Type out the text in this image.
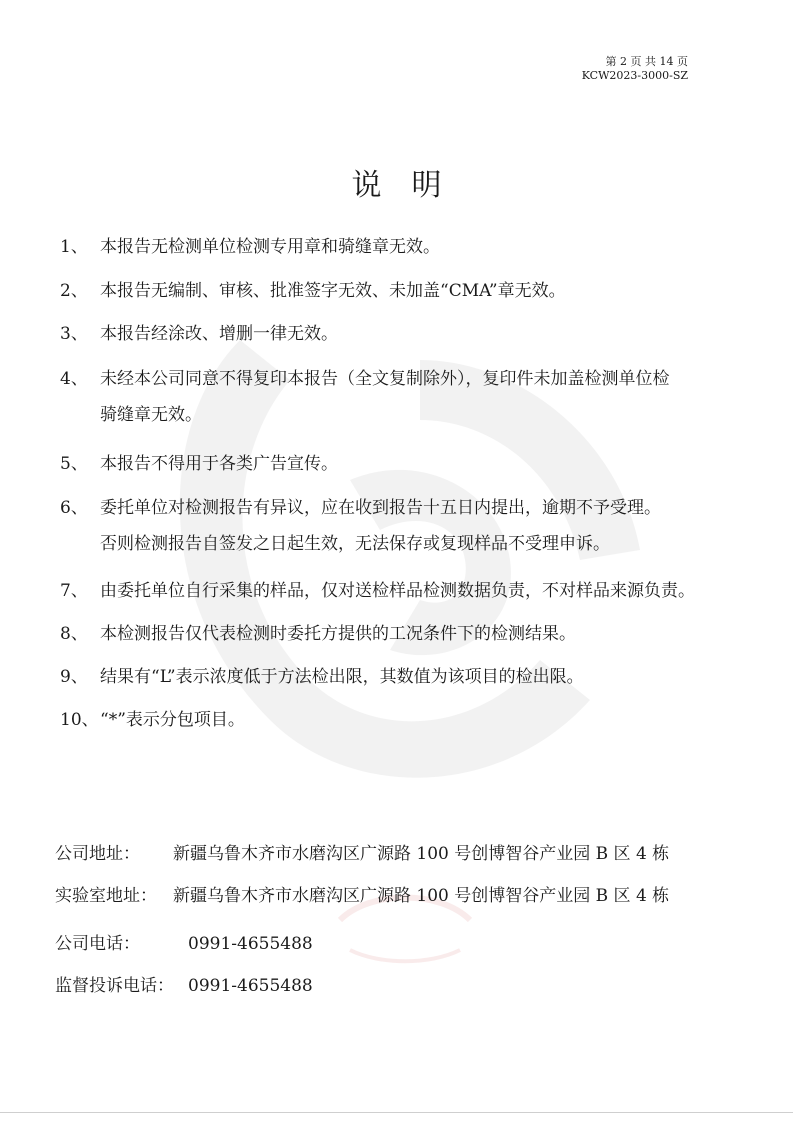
第 2 页 共 14 页
KCW2023-3000-SZ
说明
1、 本报告无检测单位检测专用章和骑缝章无效。
2、 本报告无编制、审核、批准签字无效、未加盖“CMA”章无效。
3、 本报告经涂改、增删一律无效。
4、 未经本公司同意不得复印本报告（全文复制除外），复印件未加盖检测单位检
骑缝章无效。
5、 本报告不得用于各类广告宣传。
6、 委托单位对检测报告有异议，应在收到报告十五日内提出，逾期不予受理。
否则检测报告自签发之日起生效，无法保存或复现样品不受理申诉。
7、 由委托单位自行采集的样品，仅对送检样品检测数据负责，不对样品来源负责。
8、 本检测报告仅代表检测时委托方提供的工况条件下的检测结果。
9、 结果有“L”表示浓度低于方法检出限，其数值为该项目的检出限。
10、 “*”表示分包项目。
公司地址： 新疆乌鲁木齐市水磨沟区广源路 100 号创博智谷产业园 B 区 4 栋
实验室地址： 新疆乌鲁木齐市水磨沟区广源路 100 号创博智谷产业园 B 区 4 栋
公司电话：	0991-4655488
监督投诉电话： 0991-4655488
